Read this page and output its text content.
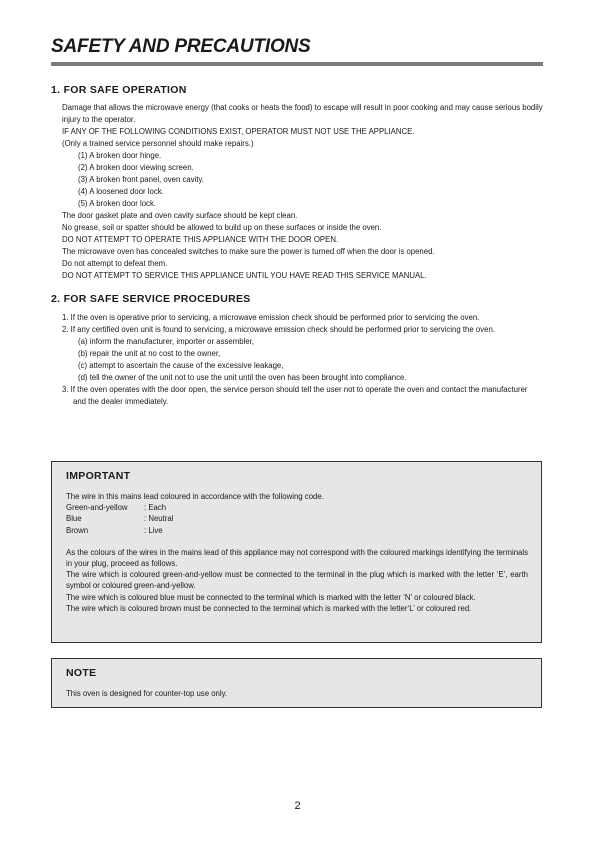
SAFETY AND PRECAUTIONS
1. FOR SAFE OPERATION
Damage that allows the microwave energy (that cooks or heats the food) to escape will result in poor cooking and may cause serious bodily injury to the operator.
IF ANY OF THE FOLLOWING CONDITIONS EXIST, OPERATOR MUST NOT USE THE APPLIANCE.
(Only a trained service personnel should make repairs.)
(1) A broken door hinge.
(2) A broken door viewing screen.
(3) A broken front panel, oven cavity.
(4) A loosened door lock.
(5) A broken door lock.
The door gasket plate and oven cavity surface should be kept clean.
No grease, soil or spatter should be allowed to build up on these surfaces or inside the oven.
DO NOT ATTEMPT TO OPERATE THIS APPLIANCE WITH THE DOOR OPEN.
The microwave oven has concealed switches to make sure the power is turned off when the door is opened.
Do not attempt to defeat them.
DO NOT ATTEMPT TO SERVICE THIS APPLIANCE UNTIL YOU HAVE READ THIS SERVICE MANUAL.
2. FOR SAFE SERVICE PROCEDURES
1. If the oven is operative prior to servicing, a microwave emission check should be performed prior to servicing the oven.
2. If any certified oven unit is found to servicing, a microwave emission check should be performed prior to servicing the oven.
(a) inform the manufacturer, importer or assembler,
(b) repair the unit at no cost to the owner,
(c) attempt to ascertain the cause of the excessive leakage,
(d) tell the owner of the unit not to use the unit until the oven has been brought into compliance.
3. If the oven operates with the door open, the service person should tell the user not to operate the oven and contact the manufacturer and the dealer immediately.
IMPORTANT
The wire in this mains lead coloured in accordance with the following code.
Green-and-yellow : Each
Blue	: Neutral
Brown	: Live
As the colours of the wires in the mains lead of this appliance may not correspond with the coloured markings identifying the terminals in your plug, proceed as follows.
The wire which is coloured green-and-yellow must be connected to the terminal in the plug which is marked with the letter ‘E’, earth symbol or coloured green-and-yellow.
The wire which is coloured blue must be connected to the terminal which is marked with the letter ‘N’ or coloured black.
The wire which is coloured brown must be connected to the terminal which is marked with the letter‘L’ or coloured red.
NOTE
This oven is designed for counter-top use only.
2
